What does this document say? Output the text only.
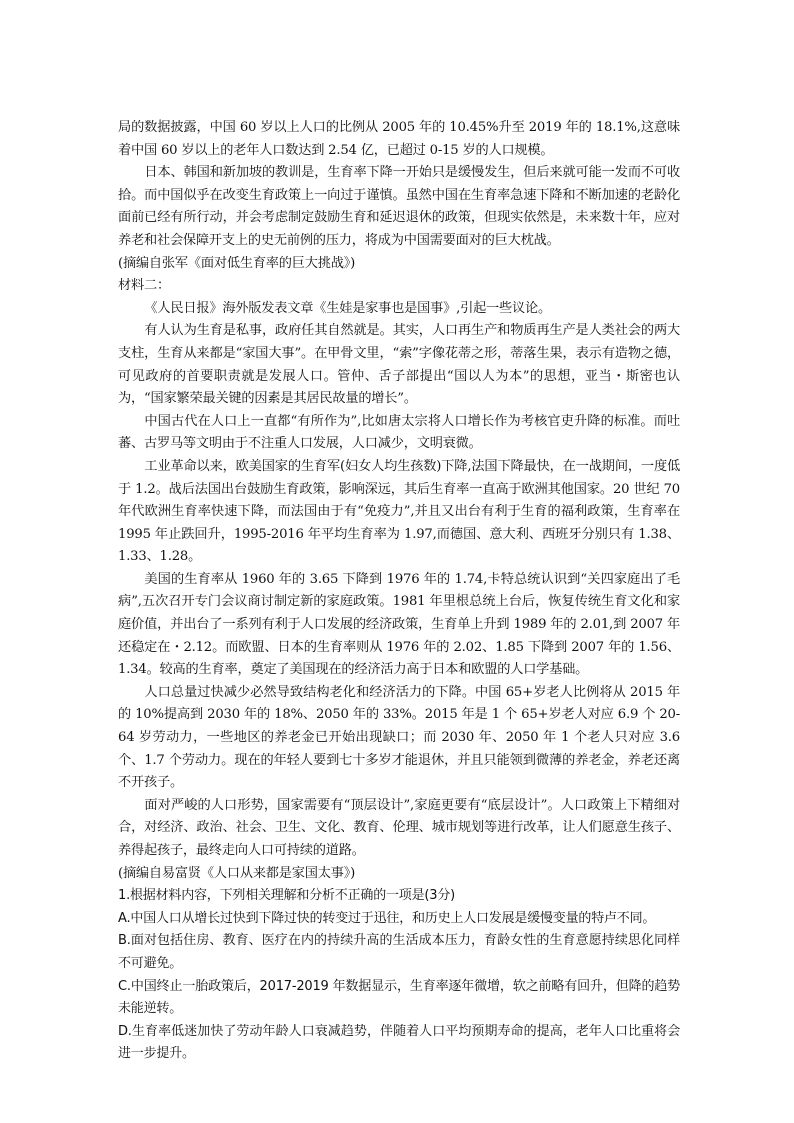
局的数据披露，中国 60 岁以上人口的比例从 2005 年的 10.45%升至 2019 年的 18.1%,这意味着中国 60 岁以上的老年人口数达到 2.54 亿，已超过 0-15 岁的人口规模。

日本、韩国和新加坡的教训是，生育率下降一开始只是缓慢发生，但后来就可能一发而不可收拾。而中国似乎在改变生育政策上一向过于谨慎。虽然中国在生育率急速下降和不断加速的老龄化面前已经有所行动，并会考虑制定鼓励生育和延迟退休的政策，但现实依然是，未来数十年，应对养老和社会保障开支上的史无前例的压力，将成为中国需要面对的巨大枕战。

(摘编自张军《面对低生育率的巨大挑战》)

材料二：

《人民日报》海外版发表文章《生娃是家事也是国事》,引起一些议论。

有人认为生育是私事，政府任其自然就是。其实，人口再生产和物质再生产是人类社会的两大支柱，生育从来都是“家国大事”。在甲骨文里，“索”字像花蒂之形，蒂落生果，表示有造物之德，可见政府的首要职责就是发展人口。管仲、舌子部提出“国以人为本”的思想，亚当・斯密也认为，“国家繁荣最关键的因素是其居民故量的增长”。

中国古代在人口上一直都“有所作为”,比如唐太宗将人口增长作为考核官吏升降的标准。而吐蕃、古罗马等文明由于不注重人口发展，人口减少，文明衰微。

工业革命以来，欧美国家的生育军(妇女人均生孩数)下降,法国下降最快，在一战期间，一度低于 1.2。战后法国出台鼓励生育政策，影响深远，其后生育率一直高于欧洲其他国家。20 世纪 70 年代欧洲生育率快速下降，而法国由于有“免疫力”,并且又出台有利于生育的福利政策，生育率在 1995 年止跌回升，1995-2016 年平均生育率为 1.97,而德国、意大利、西班牙分别只有 1.38、1.33、1.28。

美国的生育率从 1960 年的 3.65 下降到 1976 年的 1.74,卡特总统认识到“关四家庭出了毛病”,五次召开专门会议商讨制定新的家庭政策。1981 年里根总统上台后，恢复传统生育文化和家庭价值，并出台了一系列有利于人口发展的经济政策，生育单上升到 1989 年的 2.01,到 2007 年还稳定在・2.12。而欧盟、日本的生育率则从 1976 年的 2.02、1.85 下降到 2007 年的 1.56、1.34。较高的生育率，奠定了美国现在的经济活力高于日本和欧盟的人口学基础。

人口总量过快减少必然导致结构老化和经济活力的下降。中国 65+岁老人比例将从 2015 年的 10%提高到 2030 年的 18%、2050 年的 33%。2015 年是 1 个 65+岁老人对应 6.9 个 20-64 岁劳动力，一些地区的养老金已开始出现缺口；而 2030 年、2050 年 1 个老人只对应 3.6 个、1.7 个劳动力。现在的年轻人要到七十多岁才能退休，并且只能领到微薄的养老金，养老还离不开孩子。

面对严峻的人口形势，国家需要有“顶层设计”,家庭更要有“底层设计”。人口政策上下精细对合，对经济、政治、社会、卫生、文化、教育、伦理、城市规划等进行改革，让人们愿意生孩子、养得起孩子，最终走向人口可持续的道路。

(摘编自易富贤《人口从来都是家国太事》)

1.根据材料内容，下列相关理解和分析不正确的一项是(3分)

A.中国人口从增长过快到下降过快的转变过于迅往，和历史上人口发展是缓慢变量的特卢不同。

B.面对包括住房、教育、医疗在内的持续升高的生活成本压力，育龄女性的生育意愿持续思化同样不可避免。

C.中国终止一胎政策后，2017-2019 年数据显示，生育率逐年微增，软之前略有回升，但降的趋势未能逆转。

D.生育率低迷加快了劳动年龄人口衰减趋势，伴随着人口平均预期寿命的提高，老年人口比重将会进一步提升。
